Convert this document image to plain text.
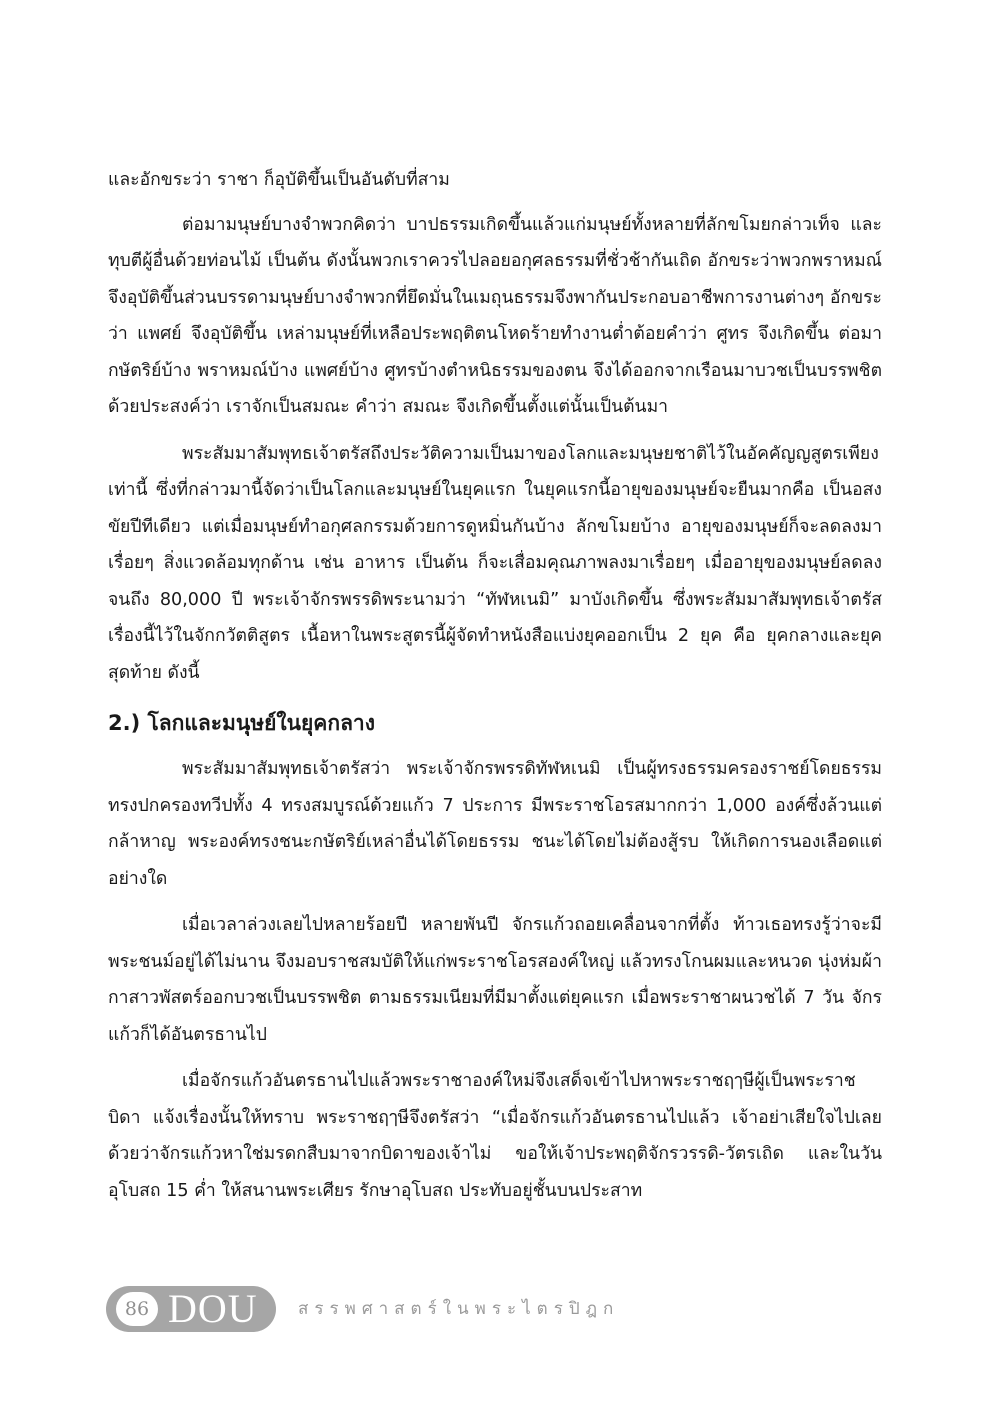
และอักขระว่า ราชา ก็อุบัติขึ้นเป็นอันดับที่สาม

ต่อมามนุษย์บางจำพวกคิดว่า บาปธรรมเกิดขึ้นแล้วแก่มนุษย์ทั้งหลายที่ลักขโมยกล่าวเท็จ และทุบตีผู้อื่นด้วยท่อนไม้ เป็นต้น ดังนั้นพวกเราควรไปลอยอกุศลธรรมที่ชั่วช้ากันเถิด อักขระว่าพวกพราหมณ์จึงอุบัติขึ้นส่วนบรรดามนุษย์บางจำพวกที่ยึดมั่นในเมถุนธรรมจึงพากันประกอบอาชีพการงานต่างๆ อักขระว่า แพศย์ จึงอุบัติขึ้น เหล่ามนุษย์ที่เหลือประพฤติตนโหดร้ายทำงานต่ำต้อยคำว่า ศูทร จึงเกิดขึ้น ต่อมากษัตริย์บ้าง พราหมณ์บ้าง แพศย์บ้าง ศูทรบ้างตำหนิธรรมของตน จึงได้ออกจากเรือนมาบวชเป็นบรรพชิต ด้วยประสงค์ว่า เราจักเป็นสมณะ คำว่า สมณะ จึงเกิดขึ้นตั้งแต่นั้นเป็นต้นมา

พระสัมมาสัมพุทธเจ้าตรัสถึงประวัติความเป็นมาของโลกและมนุษยชาติไว้ในอัคคัญญสูตรเพียงเท่านี้ ซึ่งที่กล่าวมานี้จัดว่าเป็นโลกและมนุษย์ในยุคแรก ในยุคแรกนี้อายุของมนุษย์จะยืนมากคือ เป็นอสงขัยปีทีเดียว แต่เมื่อมนุษย์ทำอกุศลกรรมด้วยการดูหมิ่นกันบ้าง ลักขโมยบ้าง อายุของมนุษย์ก็จะลดลงมาเรื่อยๆ สิ่งแวดล้อมทุกด้าน เช่น อาหาร เป็นต้น ก็จะเสื่อมคุณภาพลงมาเรื่อยๆ เมื่ออายุของมนุษย์ลดลงจนถึง 80,000 ปี พระเจ้าจักรพรรดิพระนามว่า “ทัฬหเนมิ” มาบังเกิดขึ้น ซึ่งพระสัมมาสัมพุทธเจ้าตรัสเรื่องนี้ไว้ในจักกวัตติสูตร เนื้อหาในพระสูตรนี้ผู้จัดทำหนังสือแบ่งยุคออกเป็น 2 ยุค คือ ยุคกลางและยุคสุดท้าย ดังนี้

2.) โลกและมนุษย์ในยุคกลาง

พระสัมมาสัมพุทธเจ้าตรัสว่า พระเจ้าจักรพรรดิทัฬหเนมิ เป็นผู้ทรงธรรมครองราชย์โดยธรรม ทรงปกครองทวีปทั้ง 4 ทรงสมบูรณ์ด้วยแก้ว 7 ประการ มีพระราชโอรสมากกว่า 1,000 องค์ซึ่งล้วนแต่กล้าหาญ พระองค์ทรงชนะกษัตริย์เหล่าอื่นได้โดยธรรม ชนะได้โดยไม่ต้องสู้รบ ให้เกิดการนองเลือดแต่อย่างใด

เมื่อเวลาล่วงเลยไปหลายร้อยปี หลายพันปี จักรแก้วถอยเคลื่อนจากที่ตั้ง ท้าวเธอทรงรู้ว่าจะมีพระชนม์อยู่ได้ไม่นาน จึงมอบราชสมบัติให้แก่พระราชโอรสองค์ใหญ่ แล้วทรงโกนผมและหนวด นุ่งห่มผ้ากาสาวพัสตร์ออกบวชเป็นบรรพชิต ตามธรรมเนียมที่มีมาตั้งแต่ยุคแรก เมื่อพระราชาผนวชได้ 7 วัน จักรแก้วก็ได้อันตรธานไป

เมื่อจักรแก้วอันตรธานไปแล้วพระราชาองค์ใหม่จึงเสด็จเข้าไปหาพระราชฤๅษีผู้เป็นพระราชบิดา แจ้งเรื่องนั้นให้ทราบ พระราชฤๅษีจึงตรัสว่า “เมื่อจักรแก้วอันตรธานไปแล้ว เจ้าอย่าเสียใจไปเลย ด้วยว่าจักรแก้วหาใช่มรดกสืบมาจากบิดาของเจ้าไม่ ขอให้เจ้าประพฤติจักรวรรดิ-วัตรเถิด และในวันอุโบสถ 15 ค่ำ ให้สนานพระเศียร รักษาอุโบสถ ประทับอยู่ชั้นบนประสาท

86 DOU สรรพศาสตร์ในพระไตรปิฎก
